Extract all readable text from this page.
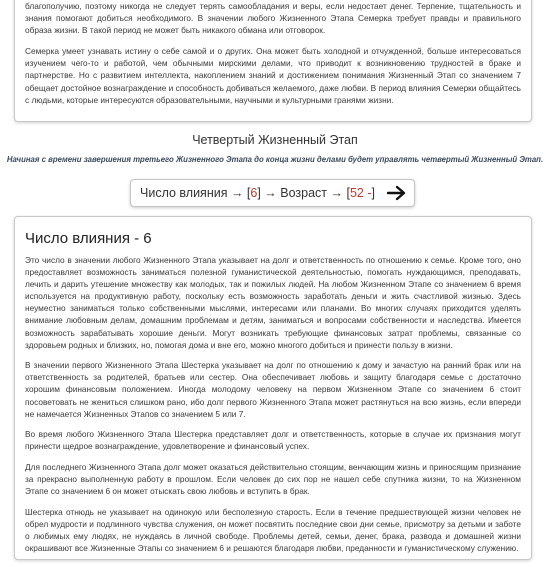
благополучию, поэтому никогда не следует терять самообладания и веры, если недостает денег. Терпение, тщательность и знания помогают добиться необходимого. В значении любого Жизненного Этапа Семерка требует правды и правильного образа жизни. В такой период не может быть никакого обмана или отговорок.

Семерка умеет узнавать истину о себе самой и о других. Она может быть холодной и отчужденной, больше интересоваться изучением чего-то и работой, чем обычными мирскими делами, что приводит к возникновению трудностей в браке и партнерстве. Но с развитием интеллекта, накоплением знаний и достижением понимания Жизненный Этап со значением 7 обещает достойное вознаграждение и способность добиваться желаемого, даже любви. В период влияния Семерки общайтесь с людьми, которые интересуются образовательными, научными и культурными гранями жизни.

Четвертый Жизненный Этап
Начиная с времени завершения третьего Жизненного Этапа до конца жизни делами будет управлять четвертый Жизненный Этап.
Число влияния → [ 6 ] → Возраст → [ 52 - ]
Число влияния - 6

Это число в значении любого Жизненного Этапа указывает на долг и ответственность по отношению к семье. Кроме того, оно предоставляет возможность заниматься полезной гуманистической деятельностью, помогать нуждающимся, преподавать, лечить и дарить утешение множеству как молодых, так и пожилых людей. На любом Жизненном Этапе со значением 6 время используется на продуктивную работу, поскольку есть возможность заработать деньги и жить счастливой жизнью. Здесь неуместно заниматься только собственными мыслями, интересами или планами. Во многих случаях приходится уделять внимание любовным делам, домашним проблемам и детям, заниматься и вопросами собственности и наследства. Имеется возможность зарабатывать хорошие деньги. Могут возникать требующие финансовых затрат проблемы, связанные со здоровьем родных и близких, но, помогая дома и вне его, можно многого добиться и принести пользу в жизни.

В значении первого Жизненного Этапа Шестерка указывает на долг по отношению к дому и зачастую на ранний брак или на ответственность за родителей, братьев или сестер. Она обеспечивает любовь и защиту благодаря семье с достаточно хорошим финансовым положением. Иногда молодому человеку на первом Жизненном Этапе со значением 6 стоит посоветовать не жениться слишком рано, ибо долг первого Жизненного Этапа может растянуться на всю жизнь, если впереди не намечается Жизненных Этапов со значением 5 или 7.

Во время любого Жизненного Этапа Шестерка представляет долг и ответственность, которые в случае их признания могут принести щедрое вознаграждение, удовлетворение и финансовый успех.

Для последнего Жизненного Этапа долг может оказаться действительно стоящим, венчающим жизнь и приносящим признание за прекрасно выполненную работу в прошлом. Если человек до сих пор не нашел себе спутника жизни, то на Жизненном Этапе со значением 6 он может отыскать свою любовь и вступить в брак.

Шестерка отнюдь не указывает на одинокую или бесполезную старость. Если в течение предшествующей жизни человек не обрел мудрости и подлинного чувства служения, он может посвятить последние свои дни семье, присмотру за детьми и заботе о любимых ему людях, не нуждаясь в личной свободе. Проблемы детей, семьи, денег, брака, развода и домашней жизни окрашивают все Жизненные Этапы со значением 6 и решаются благодаря любви, преданности и гуманистическому служению.
